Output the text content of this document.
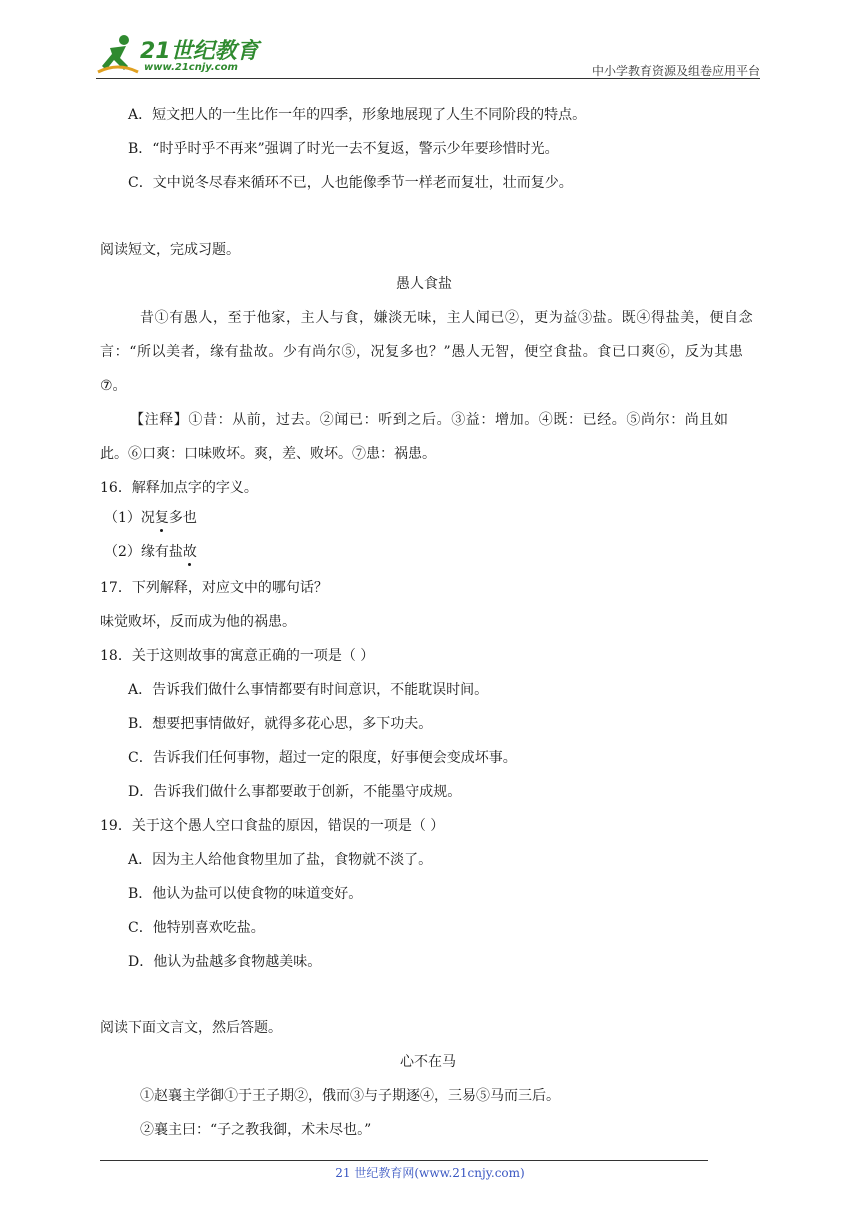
21世纪教育
www.21cnjy.com	中小学教育资源及组卷应用平台
A．短文把人的一生比作一年的四季，形象地展现了人生不同阶段的特点。
B．“时乎时乎不再来”强调了时光一去不复返，警示少年要珍惜时光。
C．文中说冬尽春来循环不已，人也能像季节一样老而复壮，壮而复少。
阅读短文，完成习题。
愚人食盐
昔①有愚人，至于他家，主人与食，嫌淡无味，主人闻已②，更为益③盐。既④得盐美，便自念
言：“所以美者，缘有盐故。少有尚尔⑤，况复多也？”愚人无智，便空食盐。食已口爽⑥，反为其患
⑦。
【注释】①昔：从前，过去。②闻已：听到之后。③益：增加。④既：已经。⑤尚尔：尚且如
此。⑥口爽：口味败坏。爽，差、败坏。⑦患：祸患。
16．解释加点字的字义。
（1）况复多也
（2）缘有盐故
17．下列解释，对应文中的哪句话？
味觉败坏，反而成为他的祸患。
18．关于这则故事的寓意正确的一项是（ ）
A．告诉我们做什么事情都要有时间意识，不能耽误时间。
B．想要把事情做好，就得多花心思，多下功夫。
C．告诉我们任何事物，超过一定的限度，好事便会变成坏事。
D．告诉我们做什么事都要敢于创新，不能墨守成规。
19．关于这个愚人空口食盐的原因，错误的一项是（ ）
A．因为主人给他食物里加了盐，食物就不淡了。
B．他认为盐可以使食物的味道变好。
C．他特别喜欢吃盐。
D．他认为盐越多食物越美味。
阅读下面文言文，然后答题。
心不在马
①赵襄主学御①于王子期②，俄而③与子期逐④，三易⑤马而三后。
②襄主曰：“子之教我御，术未尽也。”
21 世纪教育网(www.21cnjy.com)
